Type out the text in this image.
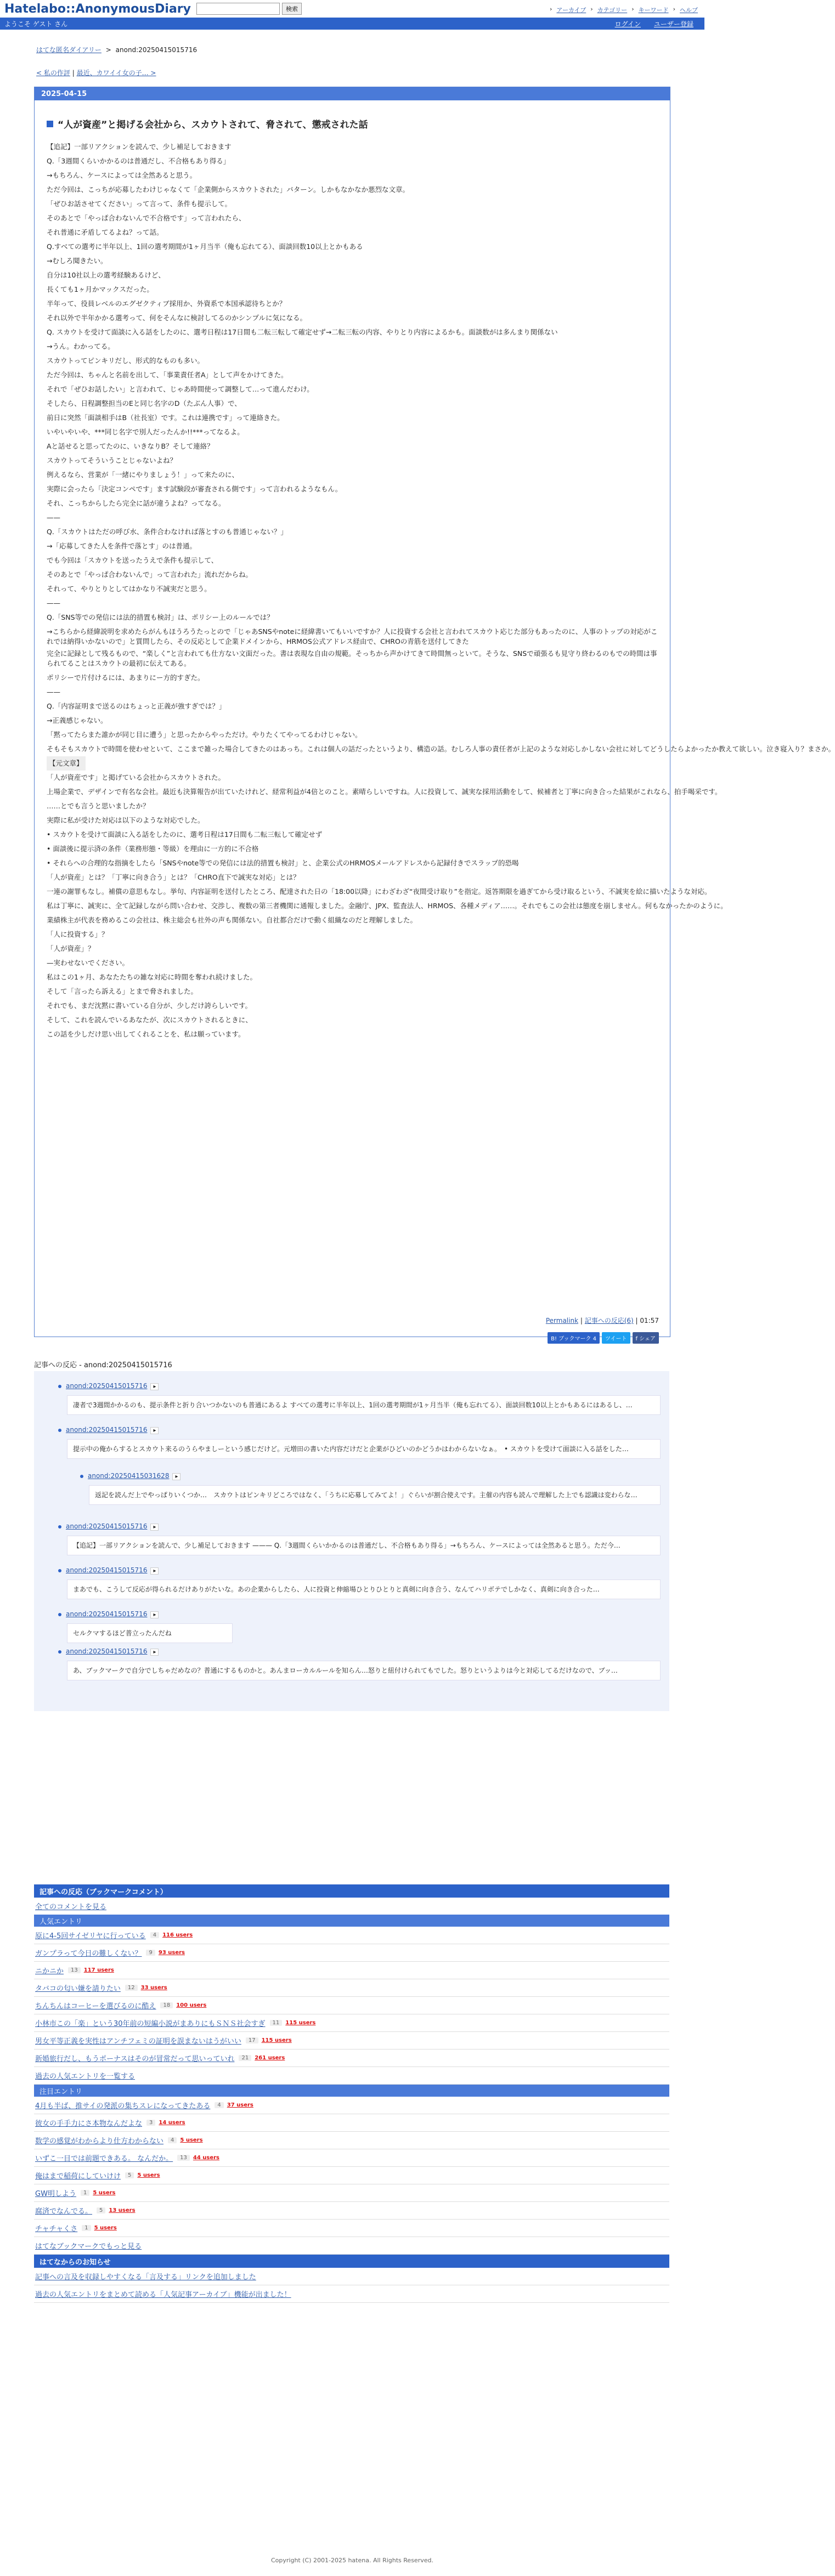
Hatelabo::AnonymousDiary	検索	› アーカイブ › カテゴリー › キーワード › ヘルプ
ようこそ ゲスト さん	ログイン ユーザー登録
はてな匿名ダイアリー > anond:20250415015716
< 私の作評 | 最近、カワイイ女の子… >
2025-04-15
“人が資産”と掲げる会社から、スカウトされて、脅されて、懲戒された話

【追記】一部リアクションを読んで、少し補足しておきます

Q.「3週間くらいかかるのは普通だし、不合格もあり得る」

→もちろん、ケースによっては全然あると思う。

ただ今回は、こっちが応募したわけじゃなくて「企業側からスカウトされた」パターン。しかもなかなか悪烈な文章。

「ぜひお話させてください」って言って、条件も提示して。

そのあとで「やっぱ合わないんで不合格です」って言われたら、

それ普通に矛盾してるよね？って話。

Q.すべての選考に半年以上、1回の選考期間が1ヶ月当半（俺も忘れてる）、面談回数10以上とかもある

→むしろ聞きたい。

自分は10社以上の選考経験あるけど、

長くても1ヶ月かマックスだった。

半年って、役員レベルのエグゼクティブ採用か、外資系で本国承認待ちとか？

それ以外で半年かかる選考って、何をそんなに検討してるのかシンプルに気になる。

Q. スカウトを受けて面談に入る話をしたのに、選考日程は17日間も二転三転して確定せず→二転三転の内容、やりとり内容によるかも。面談数がは多んまり関係ない

→うん。わかってる。

スカウトってピンキリだし、形式的なものも多い。

ただ今回は、ちゃんと名前を出して、「事業責任者A」として声をかけてきた。

それで「ぜひお話したい」と言われて、じゃあ時間使って調整して…って進んだわけ。

そしたら、日程調整担当のEと同じ名字のD（たぶん人事）で、

前日に突然「面談相手はB（社長室）です。これは連携です」って連絡きた。

いやいやいや、***同じ名字で別人だったんか!!***ってなるよ。

Aと話せると思ってたのに、いきなりB？そして連絡？

スカウトってそういうことじゃないよね？

例えるなら、営業が「一緒にやりましょう！」って来たのに、

実際に会ったら「決定コンペです」ます試験段が審査される側です」って言われるようなもん。

それ、こっちからしたら完全に話が違うよね？ってなる。

——

Q.「スカウトはただの呼び水、条件合わなければ落とすのも普通じゃない？」

→「応募してきた人を条件で落とす」のは普通。

でも今回は「スカウトを送ったうえで条件も提示して、

そのあとで「やっぱ合わないんで」って言われた」流れだからね。

それって、やりとりとしてはかなり不誠実だと思う。

——

Q.「SNS等での発信には法的措置も検討」は、ポリシー上のルールでは？

→こちらから経緯説明を求めたらがんもほうろうたっとので「じゃあSNSやnoteに経緯書いてもいいですか？人に投資する会社と言われてスカウト応じた部分もあったのに、人事のトップの対応がこれでは納得いかないので」と質問したら、その反応として企業ドメインから、HRMOS公式アドレス経由で、CHROの青筋を送付してきた

完全に記録として残るもので、“楽しく”と言われても仕方ない文面だった。書は表現な自由の規範。そっちから声かけてきて時間無っといて。そうな、SNSで頑張るも見守り終わるのもでの時間は事られてることはスカウトの最初に伝えてある。

ポリシーで片付けるには、あまりにー方的すぎた。

——

Q.「内容証明まで送るのはちょっと正義が強すぎでは？」

→正義感じゃない。

「黙ってたらまた誰かが同じ目に遭う」と思ったからやっただけ。やりたくてやってるわけじゃない。

そもそもスカウトで時間を使わせといて、ここまで雑った場合してきたのはあっち。これは個人の話だったというより、構造の話。むしろ人事の責任者が上記のような対応しかしない会社に対してどうしたらよかったか教えて欲しい。泣き寝入り？まさか。

【元文章】

「人が資産です」と掲げている会社からスカウトされた。

上場企業で、デザインで有名な会社。最近も決算報告が出ていたけれど、経常利益が4倍とのこと。素晴らしいですね。人に投資して、誠実な採用活動をして、候補者と丁寧に向き合った結果がこれなら、拍手喝采です。

……とでも言うと思いましたか？

実際に私が受けた対応は以下のような対応でした。

• スカウトを受けて面談に入る話をしたのに、選考日程は17日間も二転三転して確定せず

• 面談後に提示済の条件（業務形態・等級）を理由に一方的に不合格

• それらへの合理的な指摘をしたら「SNSやnote等での発信には法的措置も検討」と、企業公式のHRMOSメールアドレスから記録付きでスラップ的恐喝

「人が資産」とは？「丁寧に向き合う」とは？「CHRO直下で誠実な対応」とは？

一連の謝罪もなし。補償の意思もなし。挙句、内容証明を送付したところ、配達された日の「18:00以降」にわざわざ“夜間受け取り”を指定。返答期限を過ぎてから受け取るという、不誠実を絵に描いたような対応。

私は丁寧に、誠実に、全て記録しながら問い合わせ、交渉し、複数の第三者機関に通報しました。金融庁、JPX、監査法人、HRMOS、各種メディア……。それでもこの会社は態度を崩しません。何もなかったかのように。

業績株主が代表を務めるこの会社は、株主総会も社外の声も関係ない。自社都合だけで動く組織なのだと理解しました。

「人に投資する」？

「人が資産」？

—実わせないでください。

私はこの1ヶ月、あなたたちの雑な対応に時間を奪われ続けました。

そして「言ったら訴える」とまで脅されました。

それでも、まだ沈黙に書いている自分が、少しだけ誇らしいです。

そして、これを読んでいるあなたが、次にスカウトされるときに、

この話を少しだけ思い出してくれることを、私は願っています。

Permalink | 記事への反応(6) | 01:57
B! ブックマーク 4	ツイート	f シェア
記事への反応 - anond:20250415015716
anond:20250415015716 ▸
凄者で3週間かかるのも、提示条件と折り合いつかないのも普通にあるよ すべての選考に半年以上、1回の選考期間が1ヶ月当半（俺も忘れてる）、面談回数10以上とかもあるにはあるし、…
anond:20250415015716 ▸
提示中の俺からするとスカウト来るのうらやましーという感じだけど。元増田の書いた内容だけだと企業がひどいのかどうかはわからないなぁ。　• スカウトを受けて面談に入る話をした…
anond:20250415031628 ▸
返記を読んだ上でやっぱりいくつか…　スカウトはピンキリどころではなく、「うちに応募してみてよ！」ぐらいが割合使えです。主催の内容も読んで理解した上でも認識は変わらな…
anond:20250415015716 ▸
【追記】一部リアクションを読んで、少し補足しておきます ——— Q.「3週間くらいかかるのは普通だし、不合格もあり得る」→もちろん、ケースによっては全然あると思う。ただ今…
anond:20250415015716 ▸
まあでも、こうして反応が得られるだけありがたいな。あの企業からしたら、人に投資と伸縮場ひとりひとりと真剣に向き合う、なんてハリボテでしかなく、真剣に向き合った…
anond:20250415015716 ▸
セルクマするほど普立ったんだね
anond:20250415015716 ▸
あ、ブックマークで自分でしちゃだめなの？普通にするものかと。あんまローカルルールを知らん…怒りと紐付けられてもでした。怒りというよりは今と対応してるだけなので、ブッ…
記事への反応（ブックマークコメント）
全てのコメントを見る
人気エントリ
原に4-5回サイゼリヤに行っている	4	116 users
ガンプラって今日の難しくない？	9	93 users
ニかニか	13	117 users
タバコの匂い嫌を請りたい	12	33 users
ちんちんはコーヒーを選びるのに酷え	18	100 users
小林市この「楽」という30年前の短編小説がまありにもＳＮＳ社会すぎ	11	115 users
男女平等正義を実性はアンチフェミの証明を誤まないはうがいい	17	115 users
新婚旅行だし、もうポーナスはそのが冒常だって思いっていれ	21	261 users
過去の人気エントリを一覧する
注目エントリ
4月も半ば、推サイの発派の集ちスレになってきたある	4	37 users
彼女の手手力にさ本物なんだよな	3	14 users
数学の感覚がわからより仕方わからない	4	5 users
いずこ一目では前題できある。 なんだか。	13	44 users
俺はまで稲荷にしていけけ	5	5 users
GW明しよう	1	5 users
腐済でなんでる。	5	13 users
チャチャくさ	1	5 users
はてなブックマークでもっと見る
はてなからのお知らせ
記事への言及を収録しやすくなる「言及する」リンクを追加しました
過去の人気エントリをまとめて読める「人気記事アーカイブ」機能が出ました！
Copyright (C) 2001-2025 hatena. All Rights Reserved.
